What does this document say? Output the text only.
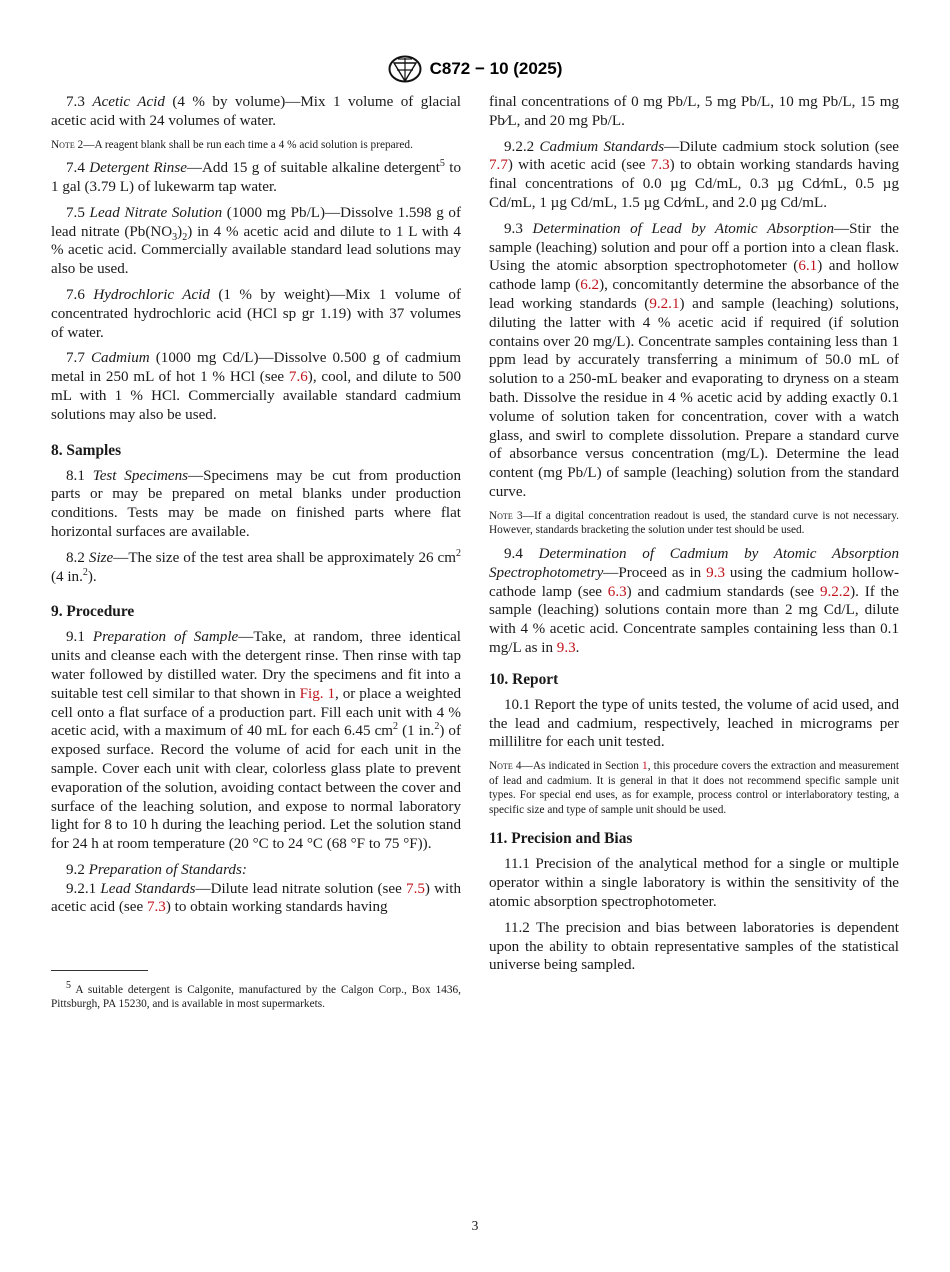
C872 − 10 (2025)

7.3 Acetic Acid (4 % by volume)—Mix 1 volume of glacial acetic acid with 24 volumes of water.

Note 2—A reagent blank shall be run each time a 4 % acid solution is prepared.

7.4 Detergent Rinse—Add 15 g of suitable alkaline detergent$^5$ to 1 gal (3.79 L) of lukewarm tap water.

7.5 Lead Nitrate Solution (1000 mg Pb/L)—Dissolve 1.598 g of lead nitrate $(Pb(NO_3)_2)$ in 4 % acetic acid and dilute to 1 L with 4 % acetic acid. Commercially available standard lead solutions may also be used.

7.6 Hydrochloric Acid (1 % by weight)—Mix 1 volume of concentrated hydrochloric acid (HCl sp gr 1.19) with 37 volumes of water.

7.7 Cadmium (1000 mg Cd/L)—Dissolve 0.500 g of cadmium metal in 250 mL of hot 1 % HCl (see 7.6), cool, and dilute to 500 mL with 1 % HCl. Commercially available standard cadmium solutions may also be used.

8. Samples

8.1 Test Specimens—Specimens may be cut from production parts or may be prepared on metal blanks under production conditions. Tests may be made on finished parts where flat horizontal surfaces are available.

8.2 Size—The size of the test area shall be approximately 26 $cm^2$ (4 in.$^2$).

9. Procedure

9.1 Preparation of Sample—Take, at random, three identical units and cleanse each with the detergent rinse. Then rinse with tap water followed by distilled water. Dry the specimens and fit into a suitable test cell similar to that shown in Fig. 1, or place a weighted cell onto a flat surface of a production part. Fill each unit with 4 % acetic acid, with a maximum of 40 mL for each 6.45 $cm^2$ (1 in.$^2$) of exposed surface. Record the volume of acid for each unit in the sample. Cover each unit with clear, colorless glass plate to prevent evaporation of the solution, avoiding contact between the cover and surface of the leaching solution, and expose to normal laboratory light for 8 to 10 h during the leaching period. Let the solution stand for 24 h at room temperature (20 °C to 24 °C (68 °F to 75 °F)).

9.2 Preparation of Standards:

9.2.1 Lead Standards—Dilute lead nitrate solution (see 7.5) with acetic acid (see 7.3) to obtain working standards having

$^5$ A suitable detergent is Calgonite, manufactured by the Calgon Corp., Box 1436, Pittsburgh, PA 15230, and is available in most supermarkets.

final concentrations of 0 mg Pb/L, 5 mg Pb/L, 10 mg Pb/L, 15 mg Pb⁄L, and 20 mg Pb/L.

9.2.2 Cadmium Standards—Dilute cadmium stock solution (see 7.7) with acetic acid (see 7.3) to obtain working standards having final concentrations of 0.0 µg Cd/mL, 0.3 µg Cd⁄mL, 0.5 µg Cd/mL, 1 µg Cd/mL, 1.5 µg Cd⁄mL, and 2.0 µg Cd/mL.

9.3 Determination of Lead by Atomic Absorption—Stir the sample (leaching) solution and pour off a portion into a clean flask. Using the atomic absorption spectrophotometer (6.1) and hollow cathode lamp (6.2), concomitantly determine the absorbance of the lead working standards (9.2.1) and sample (leaching) solutions, diluting the latter with 4 % acetic acid if required (if solution contains over 20 mg/L). Concentrate samples containing less than 1 ppm lead by accurately transferring a minimum of 50.0 mL of solution to a 250-mL beaker and evaporating to dryness on a steam bath. Dissolve the residue in 4 % acetic acid by adding exactly 0.1 volume of solution taken for concentration, cover with a watch glass, and swirl to complete dissolution. Prepare a standard curve of absorbance versus concentration (mg/L). Determine the lead content (mg Pb/L) of sample (leaching) solution from the standard curve.

Note 3—If a digital concentration readout is used, the standard curve is not necessary. However, standards bracketing the solution under test should be used.

9.4 Determination of Cadmium by Atomic Absorption Spectrophotometry—Proceed as in 9.3 using the cadmium hollow-cathode lamp (see 6.3) and cadmium standards (see 9.2.2). If the sample (leaching) solutions contain more than 2 mg Cd/L, dilute with 4 % acetic acid. Concentrate samples containing less than 0.1 mg/L as in 9.3.

10. Report

10.1 Report the type of units tested, the volume of acid used, and the lead and cadmium, respectively, leached in micrograms per millilitre for each unit tested.

Note 4—As indicated in Section 1, this procedure covers the extraction and measurement of lead and cadmium. It is general in that it does not recommend specific sample unit types. For special end uses, as for example, process control or interlaboratory testing, a specific size and type of sample unit should be used.

11. Precision and Bias

11.1 Precision of the analytical method for a single or multiple operator within a single laboratory is within the sensitivity of the atomic absorption spectrophotometer.

11.2 The precision and bias between laboratories is dependent upon the ability to obtain representative samples of the statistical universe being sampled.

3
